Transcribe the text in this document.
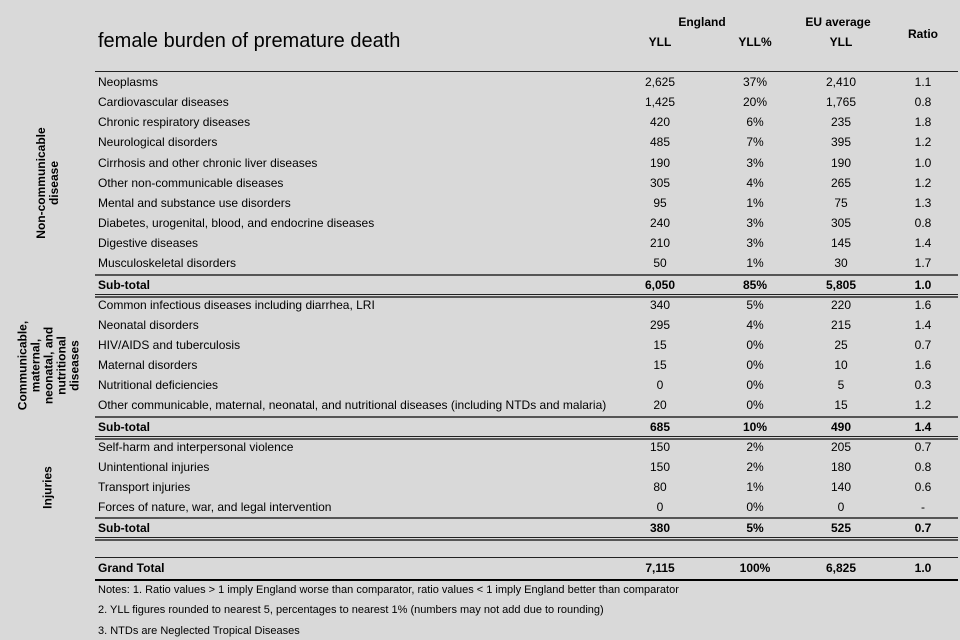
female burden of premature death
England	EU average
YLL	YLL%	YLL
Ratio
Neoplasms	2,625	37%	2,410	1.1
Cardiovascular diseases	1,425	20%	1,765	0.8
Chronic respiratory diseases	420	6%	235	1.8
Neurological disorders	485	7%	395	1.2
Cirrhosis and other chronic liver diseases	190	3%	190	1.0
Other non-communicable diseases	305	4%	265	1.2
Mental and substance use disorders	95	1%	75	1.3
Diabetes, urogenital, blood, and endocrine diseases	240	3%	305	0.8
Digestive diseases	210	3%	145	1.4
Musculoskeletal disorders	50	1%	30	1.7
Sub-total	6,050	85%	5,805	1.0
Non-communicable disease
Common infectious diseases including diarrhea, LRI	340	5%	220	1.6
Neonatal disorders	295	4%	215	1.4
HIV/AIDS and tuberculosis	15	0%	25	0.7
Maternal disorders	15	0%	10	1.6
Nutritional deficiencies	0	0%	5	0.3
Other communicable, maternal, neonatal, and nutritional diseases (including NTDs and malaria)	20	0%	15	1.2
Sub-total	685	10%	490	1.4
Communicable, maternal, neonatal, and nutritional diseases
Self-harm and interpersonal violence	150	2%	205	0.7
Unintentional injuries	150	2%	180	0.8
Transport injuries	80	1%	140	0.6
Forces of nature, war, and legal intervention	0	0%	0	-
Sub-total	380	5%	525	0.7
Injuries
Grand Total	7,115	100%	6,825	1.0
Notes: 1. Ratio values > 1 imply England worse than comparator, ratio values < 1 imply England better than comparator
2. YLL figures rounded to nearest 5, percentages to nearest 1% (numbers may not add due to rounding)
3. NTDs are Neglected Tropical Diseases
